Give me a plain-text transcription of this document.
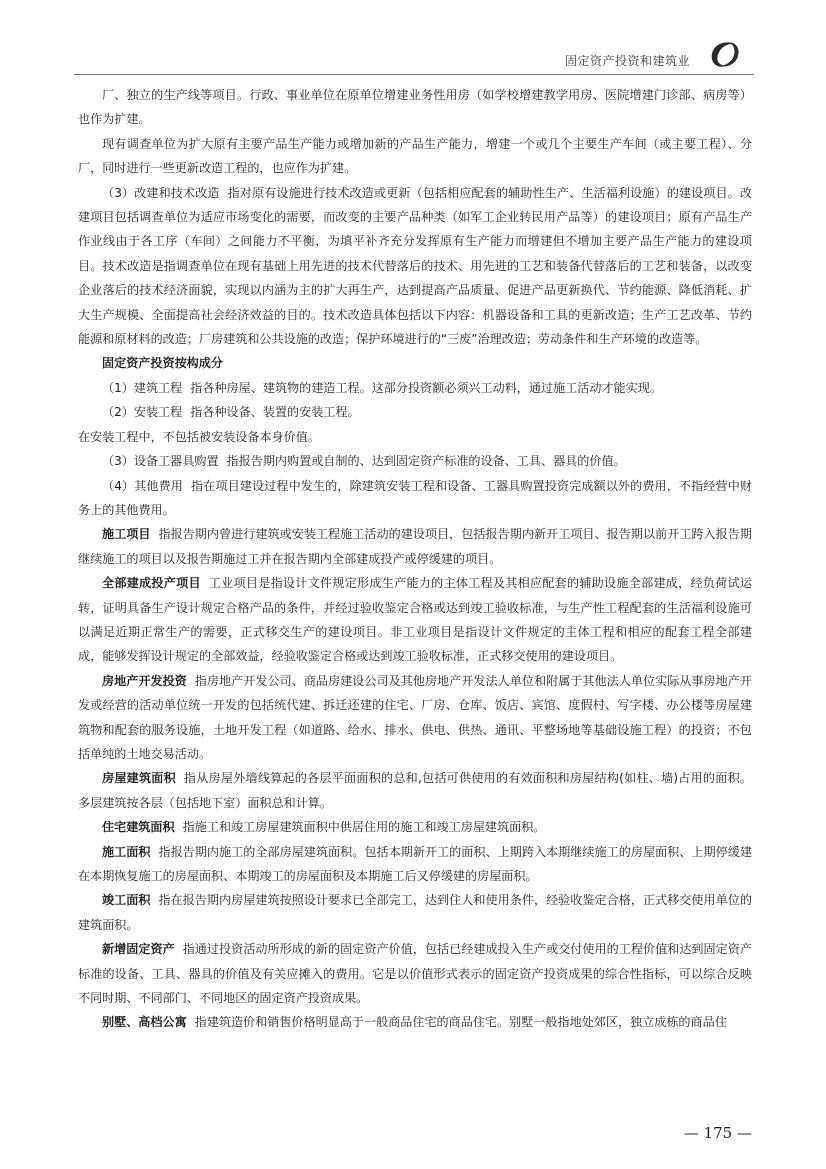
固定资产投资和建筑业

厂、独立的生产线等项目。行政、事业单位在原单位增建业务性用房（如学校增建教学用房、医院增建门诊部、病房等）也作为扩建。

现有调查单位为扩大原有主要产品生产能力或增加新的产品生产能力，增建一个或几个主要生产车间（或主要工程）、分厂，同时进行一些更新改造工程的，也应作为扩建。

（3）改建和技术改造 指对原有设施进行技术改造或更新（包括相应配套的辅助性生产、生活福利设施）的建设项目。改建项目包括调查单位为适应市场变化的需要，而改变的主要产品种类（如军工企业转民用产品等）的建设项目；原有产品生产作业线由于各工序（车间）之间能力不平衡，为填平补齐充分发挥原有生产能力而增建但不增加主要产品生产能力的建设项目。技术改造是指调查单位在现有基础上用先进的技术代替落后的技术、用先进的工艺和装备代替落后的工艺和装备，以改变企业落后的技术经济面貌，实现以内涵为主的扩大再生产，达到提高产品质量、促进产品更新换代、节约能源、降低消耗、扩大生产规模、全面提高社会经济效益的目的。技术改造具体包括以下内容：机器设备和工具的更新改造；生产工艺改革、节约能源和原材料的改造；厂房建筑和公共设施的改造；保护环境进行的“三废”治理改造；劳动条件和生产环境的改造等。

固定资产投资按构成分

（1）建筑工程 指各种房屋、建筑物的建造工程。这部分投资额必须兴工动料，通过施工活动才能实现。

（2）安装工程 指各种设备、装置的安装工程。

在安装工程中，不包括被安装设备本身价值。

（3）设备工器具购置 指报告期内购置或自制的、达到固定资产标准的设备、工具、器具的价值。

（4）其他费用 指在项目建设过程中发生的，除建筑安装工程和设备、工器具购置投资完成额以外的费用，不指经营中财务上的其他费用。

施工项目 指报告期内曾进行建筑或安装工程施工活动的建设项目，包括报告期内新开工项目、报告期以前开工跨入报告期继续施工的项目以及报告期施过工并在报告期内全部建成投产或停缓建的项目。

全部建成投产项目 工业项目是指设计文件规定形成生产能力的主体工程及其相应配套的辅助设施全部建成，经负荷试运转，证明具备生产设计规定合格产品的条件，并经过验收鉴定合格或达到竣工验收标准，与生产性工程配套的生活福利设施可以满足近期正常生产的需要，正式移交生产的建设项目。非工业项目是指设计文件规定的主体工程和相应的配套工程全部建成，能够发挥设计规定的全部效益，经验收鉴定合格或达到竣工验收标准，正式移交使用的建设项目。

房地产开发投资 指房地产开发公司、商品房建设公司及其他房地产开发法人单位和附属于其他法人单位实际从事房地产开发或经营的活动单位统一开发的包括统代建、拆迁还建的住宅、厂房、仓库、饭店、宾馆、度假村、写字楼、办公楼等房屋建筑物和配套的服务设施，土地开发工程（如道路、给水、排水、供电、供热、通讯、平整场地等基础设施工程）的投资；不包括单纯的土地交易活动。

房屋建筑面积 指从房屋外墙线算起的各层平面面积的总和,包括可供使用的有效面积和房屋结构(如柱、墙)占用的面积。多层建筑按各层（包括地下室）面积总和计算。

住宅建筑面积 指施工和竣工房屋建筑面积中供居住用的施工和竣工房屋建筑面积。

施工面积 指报告期内施工的全部房屋建筑面积。包括本期新开工的面积、上期跨入本期继续施工的房屋面积、上期停缓建在本期恢复施工的房屋面积、本期竣工的房屋面积及本期施工后又停缓建的房屋面积。

竣工面积 指在报告期内房屋建筑按照设计要求已全部完工，达到住人和使用条件，经验收鉴定合格，正式移交使用单位的建筑面积。

新增固定资产 指通过投资活动所形成的新的固定资产价值，包括已经建成投入生产或交付使用的工程价值和达到固定资产标准的设备、工具、器具的价值及有关应摊入的费用。它是以价值形式表示的固定资产投资成果的综合性指标，可以综合反映不同时期、不同部门、不同地区的固定资产投资成果。

别墅、高档公寓 指建筑造价和销售价格明显高于一般商品住宅的商品住宅。别墅一般指地处郊区，独立成栋的商品住

— 175 —
